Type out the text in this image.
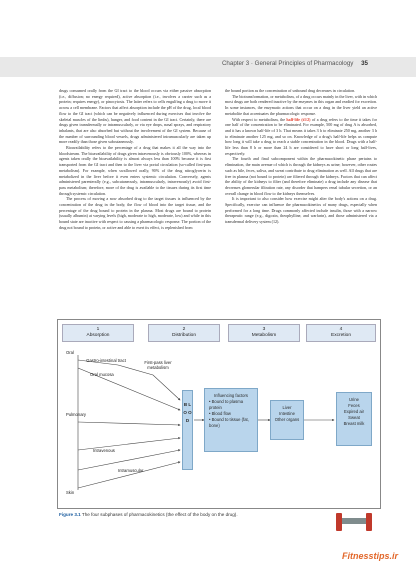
Chapter 3 · General Principles of Pharmacology 35

drugs consumed orally from the GI tract to the blood occurs via either passive absorption (i.e., diffusion; no energy required), active absorption (i.e., involves a carrier such as a protein; requires energy), or pinocytosis. The latter refers to cells engulfing a drug to move it across a cell membrane. Factors that affect absorption include the pH of the drug, local blood flow to the GI tract (which can be negatively influenced during exercises that involve the skeletal muscles of the limbs), hunger, and food content in the GI tract. Certainly, there are drugs given transdermally or intramuscularly, or via eye drops, nasal sprays, and respiratory inhalants, that are also absorbed but without the involvement of the GI system. Because of the number of surrounding blood vessels, drugs administered intramuscularly are taken up more readily than those given subcutaneously.

Bioavailability refers to the percentage of a drug that makes it all the way into the bloodstream. The bioavailability of drugs given intravenously is obviously 100%, whereas in agents taken orally the bioavailability is almost always less than 100% because it is first transported from the GI tract and then to the liver via portal circulation (so-called first-pass metabolism). For example, when swallowed orally, 90% of the drug nitroglycerin is metabolized in the liver before it even enters systemic circulation. Conversely, agents administered parenterally (e.g., subcutaneously, intramuscularly, intravenously) avoid first-pass metabolism; therefore, more of the drug is available to the tissues during its first time through systemic circulation.

The process of moving a now absorbed drug to the target tissues is influenced by the concentration of the drug in the body, the flow of blood into the target tissue, and the percentage of the drug bound to protein in the plasma. Most drugs are bound to protein (usually albumin) at varying levels (high, moderate to high, moderate, low) and while in this bound state are inactive with respect to causing a pharmacologic response. The portion of the drug not bound to protein, or active and able to exert its effect, is replenished from

the bound portion as the concentration of unbound drug decreases in circulation.

The biotransformation, or metabolism, of a drug occurs mainly in the liver, with in which most drugs are both rendered inactive by the enzymes in this organ and readied for excretion. In some instances, the enzymatic actions that occur on a drug in the liver yield an active metabolite that accentuates the pharmacologic response.

With respect to metabolism, the half-life (t1/2) of a drug refers to the time it takes for one half of the concentration to be eliminated. For example, 500 mg of drug A is absorbed, and it has a known half-life of 3 h. That means it takes 3 h to eliminate 250 mg, another 3 h to eliminate another 125 mg, and so on. Knowledge of a drug's half-life helps us compute how long it will take a drug to reach a stable concentration in the blood. Drugs with a half-life less than 8 h or more than 24 h are considered to have short or long half-lives, respectively.

The fourth and final subcomponent within the pharmacokinetic phase pertains to elimination, the main avenue of which is through the kidneys as urine; however, other routes such as bile, feces, saliva, and sweat contribute to drug elimination as well. All drugs that are free in plasma (not bound to protein) are filtered through the kidneys. Factors that can affect the ability of the kidneys to filter (and therefore eliminate) a drug include any disease that decreases glomerular filtration rate, any disorder that hampers renal tubular secretion, or an overall change in blood flow to the kidneys themselves.

It is important to also consider how exercise might alter the body's actions on a drug. Specifically, exercise can influence the pharmacokinetics of many drugs, especially when performed for a long time. Drugs commonly affected include insulin, those with a narrow therapeutic range (e.g., digoxin, theophylline, and warfarin), and those administered via a transdermal delivery system (12).

1
Absorption
2
Distribution
3
Metabolism
4
Excretion
Oral
Gastro-intestinal tract
Oral mucosa
First-pass liver metabolism
Pulmonary
Intravenous
Intramuscular
Skin
B L O O D
Influencing factors
• Bound to plasma protein
• Blood flow
• Bound to tissue (fat, bone)
Liver
Intestine
Other organs
Urine
Feces
Expired air
Sweat
Breast milk
Figure 3.1 The four subphases of pharmacokinetics (the effect of the body on the drug).
Fitnesstips.ir
